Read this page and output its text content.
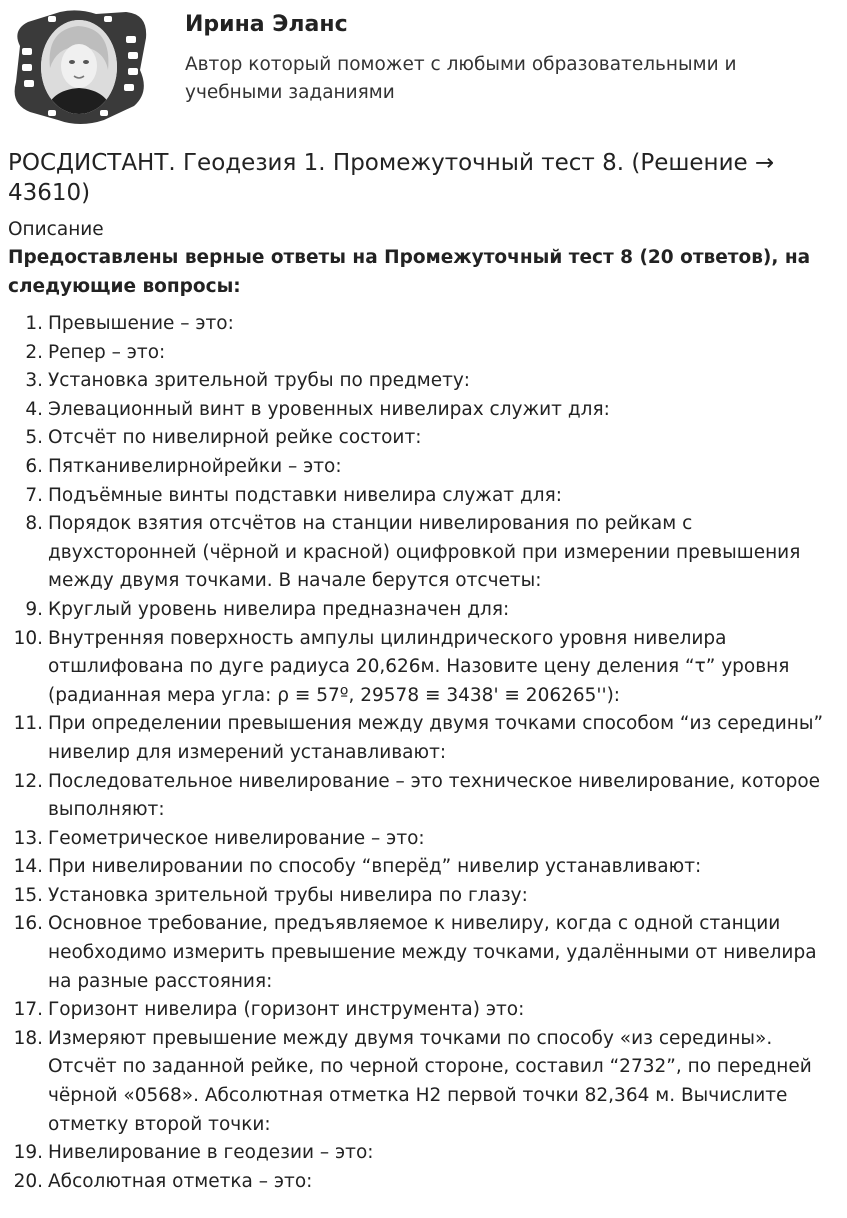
Ирина Эланс

Автор который поможет с любыми образовательными и учебными заданиями

РОСДИСТАНТ. Геодезия 1. Промежуточный тест 8. (Решение → 43610)
Описание

Предоставлены верные ответы на Промежуточный тест 8 (20 ответов), на следующие вопросы:

1. Превышение – это:
2. Репер – это:
3. Установка зрительной трубы по предмету:
4. Элевационный винт в уровенных нивелирах служит для:
5. Отсчёт по нивелирной рейке состоит:
6. Пятканивелирнойрейки – это:
7. Подъёмные винты подставки нивелира служат для:
8. Порядок взятия отсчётов на станции нивелирования по рейкам с двухсторонней (чёрной и красной) оцифровкой при измерении превышения между двумя точками. В начале берутся отсчеты:
9. Круглый уровень нивелира предназначен для:
10. Внутренняя поверхность ампулы цилиндрического уровня нивелира отшлифована по дуге радиуса 20,626м. Назовите цену деления “τ” уровня (радианная мера угла: ρ ≡ 57º, 29578 ≡ 3438' ≡ 206265''):
11. При определении превышения между двумя точками способом “из середины” нивелир для измерений устанавливают:
12. Последовательное нивелирование – это техническое нивелирование, которое выполняют:
13. Геометрическое нивелирование – это:
14. При нивелировании по способу “вперёд” нивелир устанавливают:
15. Установка зрительной трубы нивелира по глазу:
16. Основное требование, предъявляемое к нивелиру, когда с одной станции необходимо измерить превышение между точками, удалёнными от нивелира на разные расстояния:
17. Горизонт нивелира (горизонт инструмента) это:
18. Измеряют превышение между двумя точками по способу «из середины». Отсчёт по заданной рейке, по черной стороне, составил “2732”, по передней чёрной «0568». Абсолютная отметка Н2 первой точки 82,364 м. Вычислите отметку второй точки:
19. Нивелирование в геодезии – это:
20. Абсолютная отметка – это:
